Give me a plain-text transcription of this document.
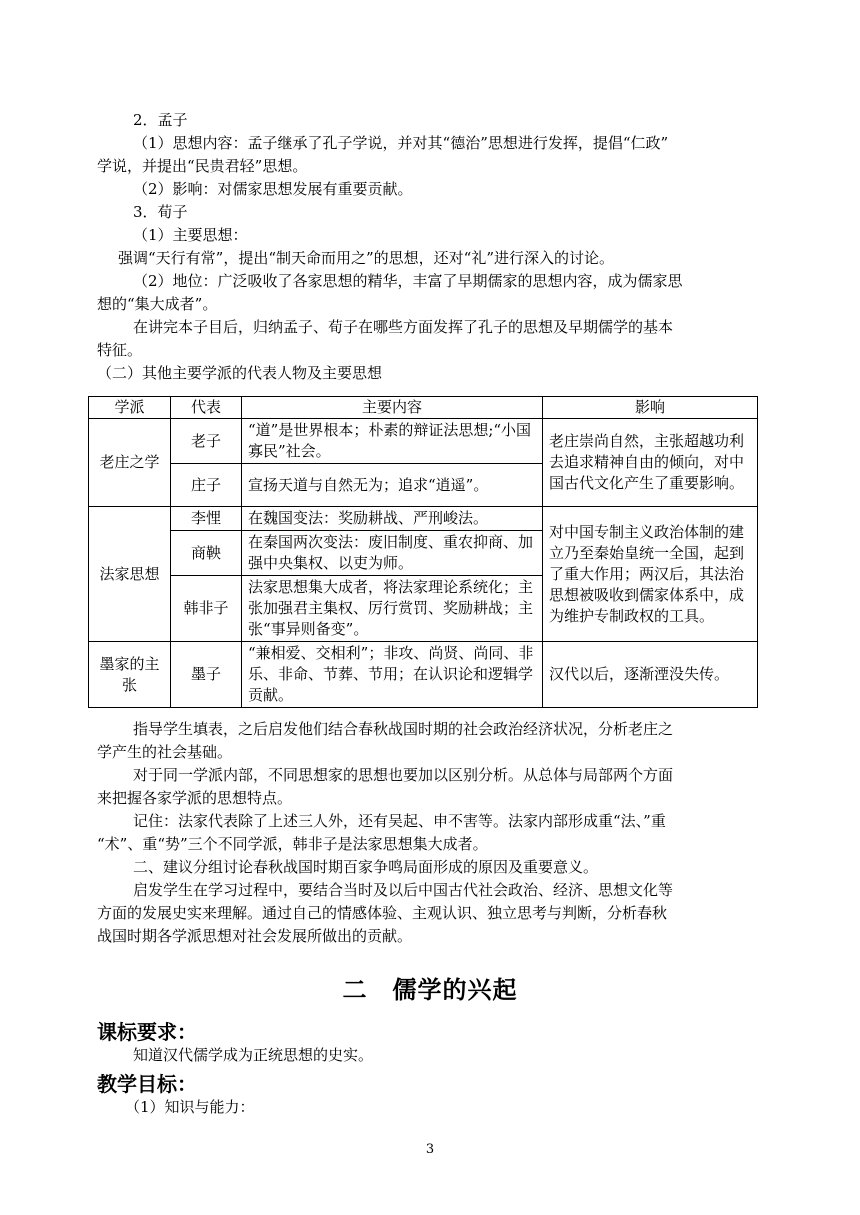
2．孟子
（1）思想内容：孟子继承了孔子学说，并对其“德治”思想进行发挥，提倡“仁政”
学说，并提出“民贵君轻”思想。
（2）影响：对儒家思想发展有重要贡献。
3．荀子
（1）主要思想：
强调“天行有常”，提出“制天命而用之”的思想，还对“礼”进行深入的讨论。
（2）地位：广泛吸收了各家思想的精华，丰富了早期儒家的思想内容，成为儒家思
想的“集大成者”。
在讲完本子目后，归纳孟子、荀子在哪些方面发挥了孔子的思想及早期儒学的基本
特征。
（二）其他主要学派的代表人物及主要思想
学派	代表	主要内容	影响
老庄之学	老子	“道”是世界根本；朴素的辩证法思想;“小国寡民”社会。	老庄崇尚自然，主张超越功利去追求精神自由的倾向，对中国古代文化产生了重要影响。
	庄子	宣扬天道与自然无为；追求“逍遥”。	
法家思想	李悝	在魏国变法：奖励耕战、严刑峻法。	对中国专制主义政治体制的建立乃至秦始皇统一全国，起到了重大作用；两汉后，其法治思想被吸收到儒家体系中，成为维护专制政权的工具。
	商鞅	在秦国两次变法：废旧制度、重农抑商、加强中央集权、以吏为师。	
	韩非子	法家思想集大成者，将法家理论系统化；主张加强君主集权、厉行赏罚、奖励耕战；主张“事异则备变”。	
墨家的主张	墨子	“兼相爱、交相利”；非攻、尚贤、尚同、非乐、非命、节葬、节用；在认识论和逻辑学贡献。	汉代以后，逐渐湮没失传。
指导学生填表，之后启发他们结合春秋战国时期的社会政治经济状况，分析老庄之
学产生的社会基础。
对于同一学派内部，不同思想家的思想也要加以区别分析。从总体与局部两个方面
来把握各家学派的思想特点。
记住：法家代表除了上述三人外，还有吴起、申不害等。法家内部形成重“法、”重
“术”、重“势”三个不同学派，韩非子是法家思想集大成者。
二、建议分组讨论春秋战国时期百家争鸣局面形成的原因及重要意义。
启发学生在学习过程中，要结合当时及以后中国古代社会政治、经济、思想文化等
方面的发展史实来理解。通过自己的情感体验、主观认识、独立思考与判断，分析春秋
战国时期各学派思想对社会发展所做出的贡献。
二　儒学的兴起
课标要求：
知道汉代儒学成为正统思想的史实。
教学目标：
（1）知识与能力：
3
